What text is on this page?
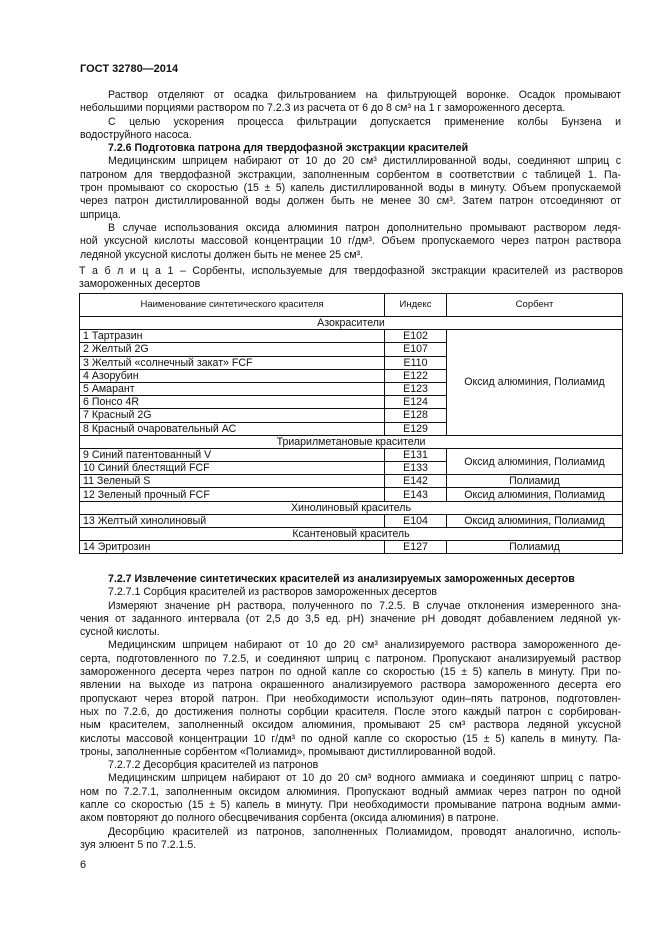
ГОСТ 32780—2014
Раствор отделяют от осадка фильтрованием на фильтрующей воронке. Осадок промывают
небольшими порциями раствором по 7.2.3 из расчета от 6 до 8 см³ на 1 г замороженного десерта.
С целью ускорения процесса фильтрации допускается применение колбы Бунзена и
водоструйного насоса.
7.2.6 Подготовка патрона для твердофазной экстракции красителей
Медицинским шприцем набирают от 10 до 20 см³ дистиллированной воды, соединяют шприц с
патроном для твердофазной экстракции, заполненным сорбентом в соответствии с таблицей 1. Па-
трон промывают со скоростью (15 ± 5) капель дистиллированной воды в минуту. Объем пропускаемой
через патрон дистиллированной воды должен быть не менее 30 см³. Затем патрон отсоединяют от
шприца.
В случае использования оксида алюминия патрон дополнительно промывают раствором ледя-
ной уксусной кислоты массовой концентрации 10 г/дм³. Объем пропускаемого через патрон раствора
ледяной уксусной кислоты должен быть не менее 25 см³.
Т а б л и ц а 1 – Сорбенты, используемые для твердофазной экстракции красителей из растворов
замороженных десертов
Наименование синтетического красителя	Индекс	Сорбент
Азокрасители		
1 Тартразин	E102	Оксид алюминия, Полиамид
2 Желтый 2G	E107	
3 Желтый «солнечный закат» FCF	E110	
4 Азорубин	E122	
5 Амарант	E123	
6 Понсо 4R	E124	
7 Красный 2G	E128	
8 Красный очаровательный АС	E129	
Триарилметановые красители		
9 Синий патентованный V	E131	Оксид алюминия, Полиамид
10 Синий блестящий FCF	E133	
11 Зеленый S	E142	Полиамид
12 Зеленый прочный FCF	E143	Оксид алюминия, Полиамид
Хинолиновый краситель		
13 Желтый хинолиновый	E104	Оксид алюминия, Полиамид
Ксантеновый краситель		
14 Эритрозин	E127	Полиамид
7.2.7 Извлечение синтетических красителей из анализируемых замороженных десертов
7.2.7.1 Сорбция красителей из растворов замороженных десертов
Измеряют значение pH раствора, полученного по 7.2.5. В случае отклонения измеренного зна-
чения от заданного интервала (от 2,5 до 3,5 ед. pH) значение pH доводят добавлением ледяной ук-
сусной кислоты.
Медицинским шприцем набирают от 10 до 20 см³ анализируемого раствора замороженного де-
серта, подготовленного по 7.2.5, и соединяют шприц с патроном. Пропускают анализируемый раствор
замороженного десерта через патрон по одной капле со скоростью (15 ± 5) капель в минуту. При по-
явлении на выходе из патрона окрашенного анализируемого раствора замороженного десерта его
пропускают через второй патрон. При необходимости используют один–пять патронов, подготовлен-
ных по 7.2.6, до достижения полноты сорбции красителя. После этого каждый патрон с сорбирован-
ным красителем, заполненный оксидом алюминия, промывают 25 см³ раствора ледяной уксусной
кислоты массовой концентрации 10 г/дм³ по одной капле со скоростью (15 ± 5) капель в минуту. Па-
троны, заполненные сорбентом «Полиамид», промывают дистиллированной водой.
7.2.7.2 Десорбция красителей из патронов
Медицинским шприцем набирают от 10 до 20 см³ водного аммиака и соединяют шприц с патро-
ном по 7.2.7.1, заполненным оксидом алюминия. Пропускают водный аммиак через патрон по одной
капле со скоростью (15 ± 5) капель в минуту. При необходимости промывание патрона водным амми-
аком повторяют до полного обесцвечивания сорбента (оксида алюминия) в патроне.
Десорбцию красителей из патронов, заполненных Полиамидом, проводят аналогично, исполь-
зуя элюент 5 по 7.2.1.5.
6
